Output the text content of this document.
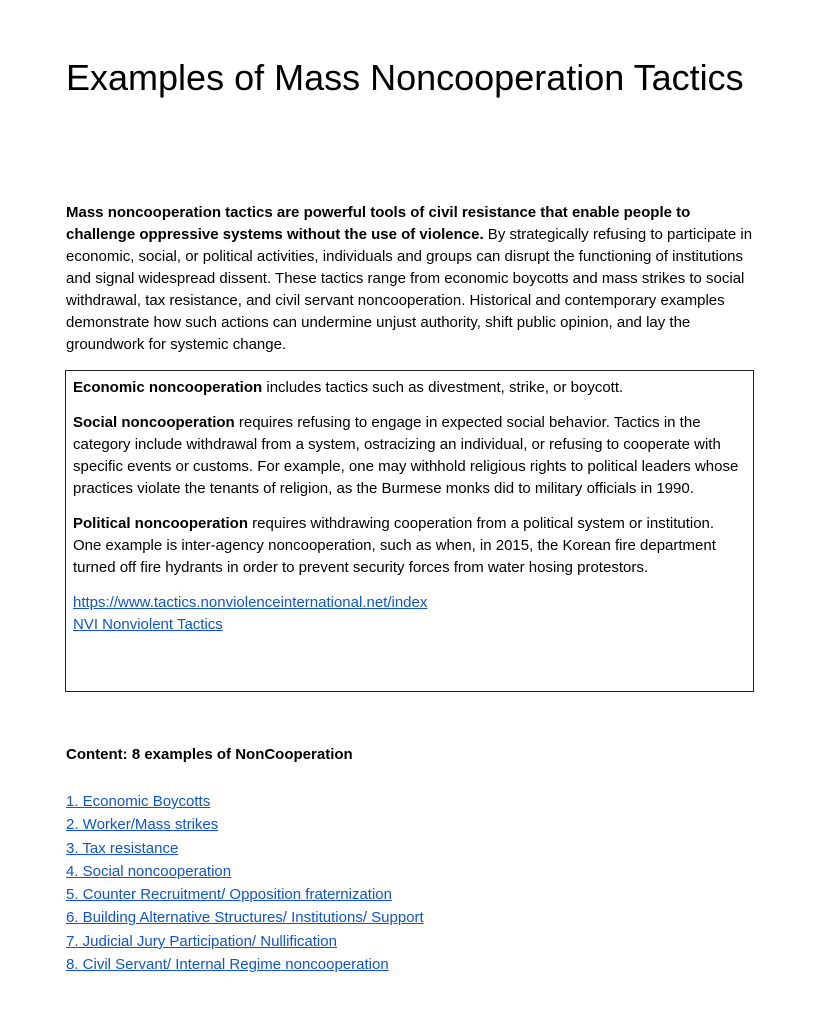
Examples of Mass Noncooperation Tactics

Mass noncooperation tactics are powerful tools of civil resistance that enable people to challenge oppressive systems without the use of violence. By strategically refusing to participate in economic, social, or political activities, individuals and groups can disrupt the functioning of institutions and signal widespread dissent. These tactics range from economic boycotts and mass strikes to social withdrawal, tax resistance, and civil servant noncooperation. Historical and contemporary examples demonstrate how such actions can undermine unjust authority, shift public opinion, and lay the groundwork for systemic change.

Economic noncooperation includes tactics such as divestment, strike, or boycott.

Social noncooperation requires refusing to engage in expected social behavior. Tactics in the category include withdrawal from a system, ostracizing an individual, or refusing to cooperate with specific events or customs. For example, one may withhold religious rights to political leaders whose practices violate the tenants of religion, as the Burmese monks did to military officials in 1990.

Political noncooperation requires withdrawing cooperation from a political system or institution. One example is inter-agency noncooperation, such as when, in 2015, the Korean fire department turned off fire hydrants in order to prevent security forces from water hosing protestors.

https://www.tactics.nonviolenceinternational.net/index
NVI Nonviolent Tactics

Content: 8 examples of NonCooperation

1. Economic Boycotts
2. Worker/Mass strikes
3. Tax resistance
4. Social noncooperation
5. Counter Recruitment/ Opposition fraternization
6. Building Alternative Structures/ Institutions/ Support
7. Judicial Jury Participation/ Nullification
8. Civil Servant/ Internal Regime noncooperation
